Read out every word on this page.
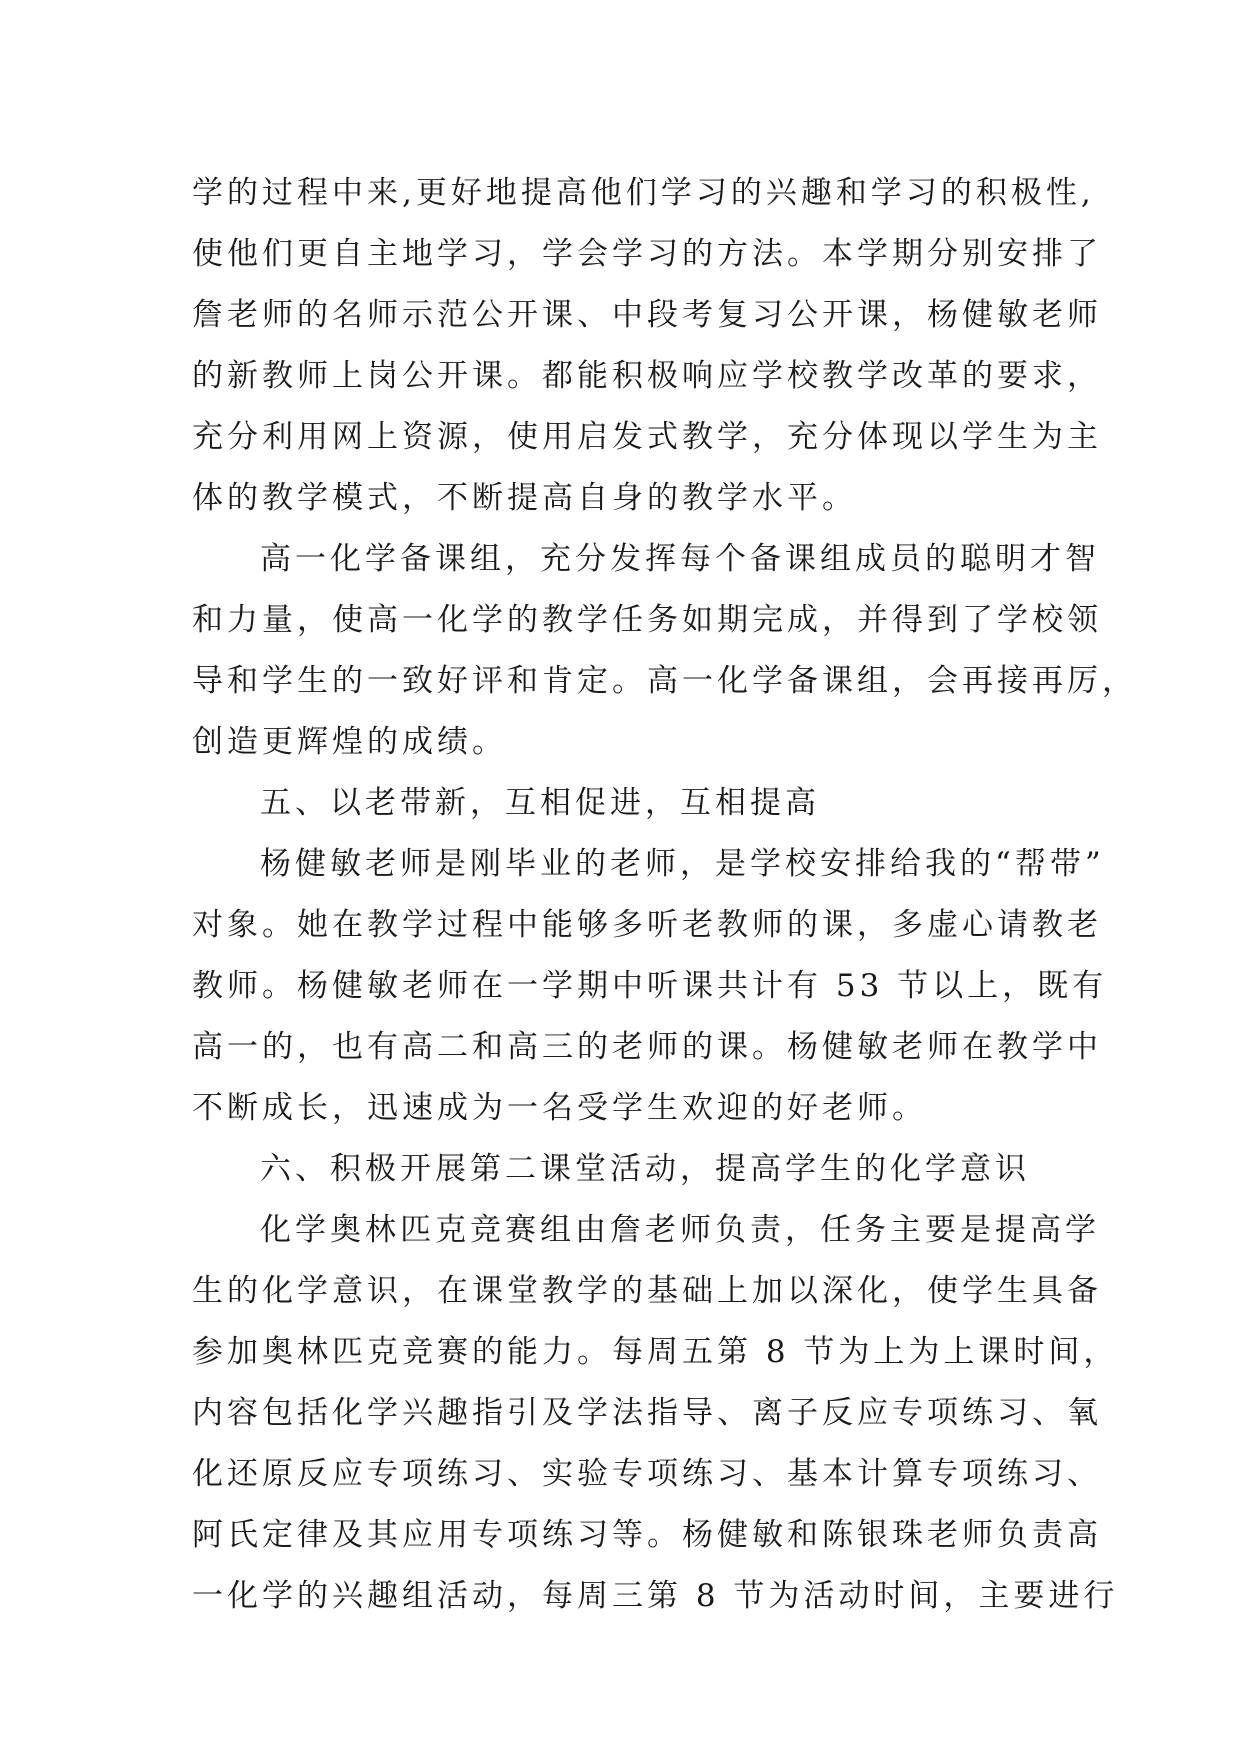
学的过程中来,更好地提高他们学习的兴趣和学习的积极性,
使他们更自主地学习，学会学习的方法。本学期分别安排了
詹老师的名师示范公开课、中段考复习公开课，杨健敏老师
的新教师上岗公开课。都能积极响应学校教学改革的要求，
充分利用网上资源，使用启发式教学，充分体现以学生为主
体的教学模式，不断提高自身的教学水平。
高一化学备课组，充分发挥每个备课组成员的聪明才智
和力量，使高一化学的教学任务如期完成，并得到了学校领
导和学生的一致好评和肯定。高一化学备课组，会再接再厉，
创造更辉煌的成绩。
五、以老带新，互相促进，互相提高
杨健敏老师是刚毕业的老师，是学校安排给我的“帮带”
对象。她在教学过程中能够多听老教师的课，多虚心请教老
教师。杨健敏老师在一学期中听课共计有 53 节以上，既有
高一的，也有高二和高三的老师的课。杨健敏老师在教学中
不断成长，迅速成为一名受学生欢迎的好老师。
六、积极开展第二课堂活动，提高学生的化学意识
化学奥林匹克竞赛组由詹老师负责，任务主要是提高学
生的化学意识，在课堂教学的基础上加以深化，使学生具备
参加奥林匹克竞赛的能力。每周五第 8 节为上为上课时间，
内容包括化学兴趣指引及学法指导、离子反应专项练习、氧
化还原反应专项练习、实验专项练习、基本计算专项练习、
阿氏定律及其应用专项练习等。杨健敏和陈银珠老师负责高
一化学的兴趣组活动，每周三第 8 节为活动时间，主要进行
